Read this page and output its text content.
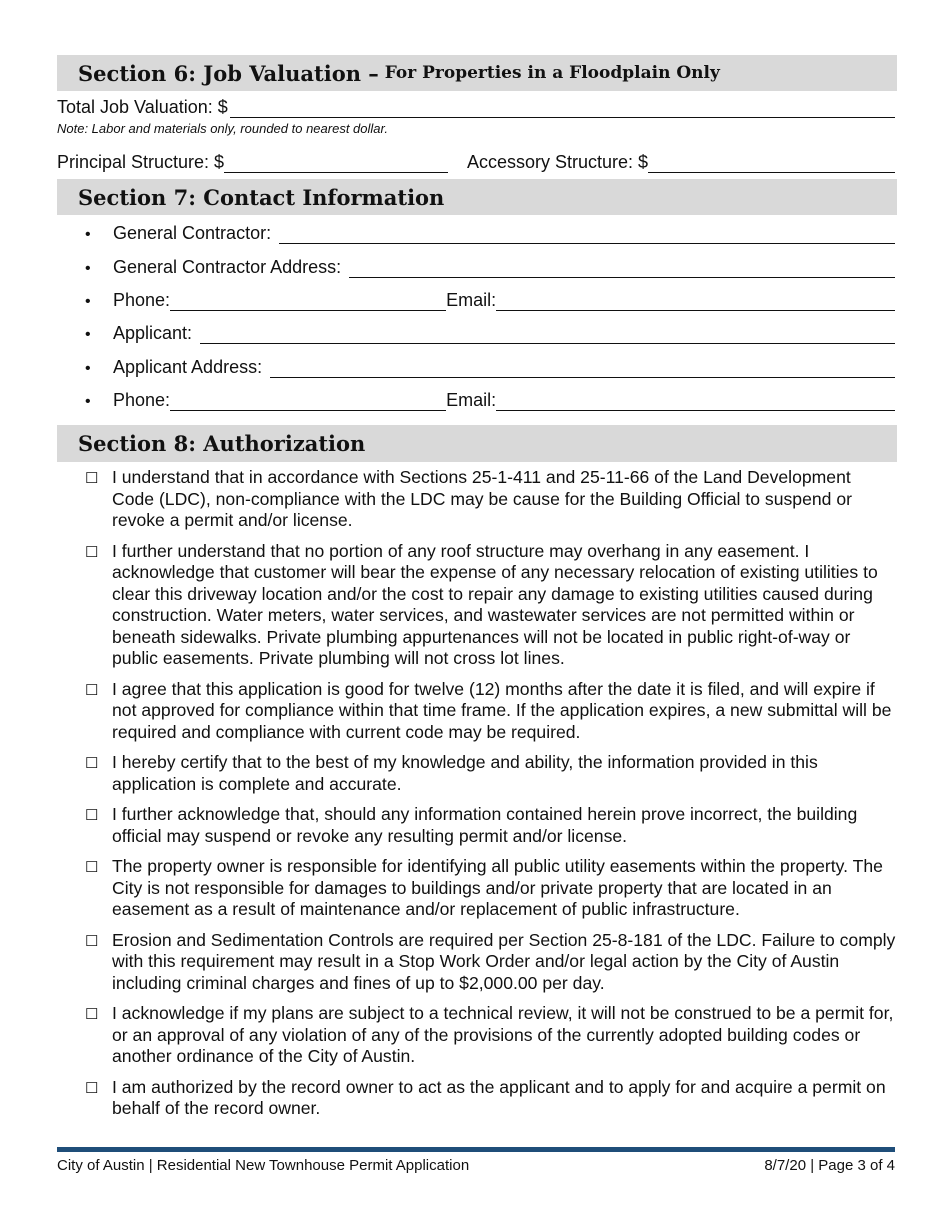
Section 6: Job Valuation – For Properties in a Floodplain Only
Total Job Valuation: $
Note: Labor and materials only, rounded to nearest dollar.
Principal Structure: $	Accessory Structure: $
Section 7: Contact Information
•	General Contractor:
•	General Contractor Address:
•	Phone:	Email:
•	Applicant:
•	Applicant Address:
•	Phone:	Email:
Section 8: Authorization
☐ I understand that in accordance with Sections 25-1-411 and 25-11-66 of the Land Development Code (LDC), non-compliance with the LDC may be cause for the Building Official to suspend or revoke a permit and/or license.
☐ I further understand that no portion of any roof structure may overhang in any easement. I acknowledge that customer will bear the expense of any necessary relocation of existing utilities to clear this driveway location and/or the cost to repair any damage to existing utilities caused during construction. Water meters, water services, and wastewater services are not permitted within or beneath sidewalks. Private plumbing appurtenances will not be located in public right-of-way or public easements. Private plumbing will not cross lot lines.
☐ I agree that this application is good for twelve (12) months after the date it is filed, and will expire if not approved for compliance within that time frame. If the application expires, a new submittal will be required and compliance with current code may be required.
☐ I hereby certify that to the best of my knowledge and ability, the information provided in this application is complete and accurate.
☐ I further acknowledge that, should any information contained herein prove incorrect, the building official may suspend or revoke any resulting permit and/or license.
☐ The property owner is responsible for identifying all public utility easements within the property. The City is not responsible for damages to buildings and/or private property that are located in an easement as a result of maintenance and/or replacement of public infrastructure.
☐ Erosion and Sedimentation Controls are required per Section 25-8-181 of the LDC. Failure to comply with this requirement may result in a Stop Work Order and/or legal action by the City of Austin including criminal charges and fines of up to $2,000.00 per day.
☐ I acknowledge if my plans are subject to a technical review, it will not be construed to be a permit for, or an approval of any violation of any of the provisions of the currently adopted building codes or another ordinance of the City of Austin.
☐ I am authorized by the record owner to act as the applicant and to apply for and acquire a permit on behalf of the record owner.
City of Austin | Residential New Townhouse Permit Application	8/7/20 | Page 3 of 4
